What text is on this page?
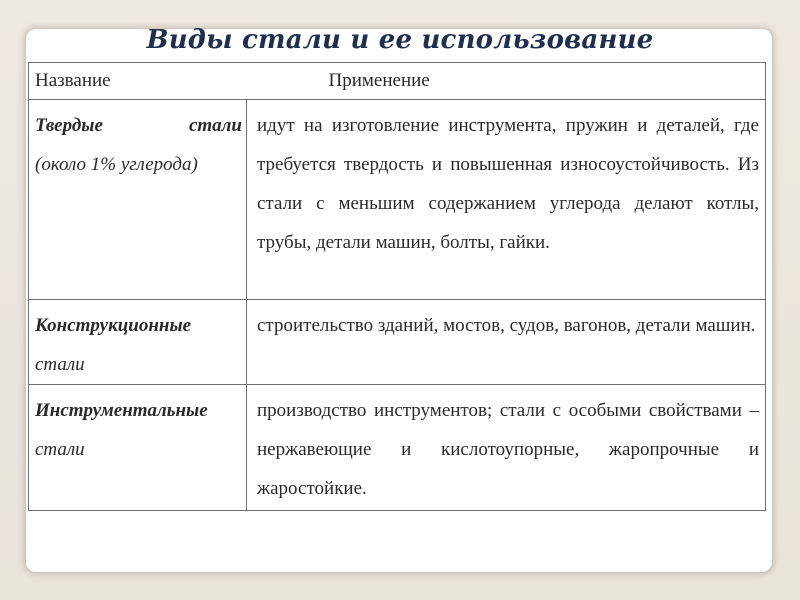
Виды стали и ее использование
Название	Применение

Твердые стали
(около 1% углерода)	идут на изготовление инструмента, пружин и деталей, где требуется твердость и повышенная износоустойчивость. Из стали с меньшим содержанием углерода делают котлы, трубы, детали машин, болты, гайки.

Конструкционные
стали	строительство зданий, мостов, судов, вагонов, детали машин.

Инструментальные
стали	производство инструментов; стали с особыми свойствами – нержавеющие и кислотоупорные, жаропрочные и жаростойкие.
